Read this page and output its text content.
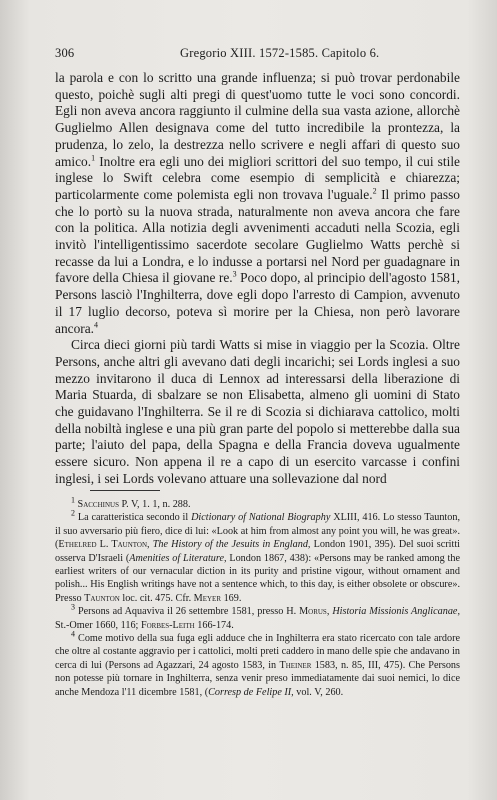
306	Gregorio XIII. 1572-1585. Capitolo 6.

la parola e con lo scritto una grande influenza; si può trovar perdonabile questo, poichè sugli alti pregi di quest'uomo tutte le voci sono concordi. Egli non aveva ancora raggiunto il culmine della sua vasta azione, allorchè Guglielmo Allen designava come del tutto incredibile la prontezza, la prudenza, lo zelo, la destrezza nello scrivere e negli affari di questo suo amico.$^1$ Inoltre era egli uno dei migliori scrittori del suo tempo, il cui stile inglese lo Swift celebra come esempio di semplicità e chiarezza; particolarmente come polemista egli non trovava l'uguale.$^2$ Il primo passo che lo portò su la nuova strada, naturalmente non aveva ancora che fare con la politica. Alla notizia degli avvenimenti accaduti nella Scozia, egli invitò l'intelligentissimo sacerdote secolare Guglielmo Watts perchè si recasse da lui a Londra, e lo indusse a portarsi nel Nord per guadagnare in favore della Chiesa il giovane re.$^3$ Poco dopo, al principio dell'agosto 1581, Persons lasciò l'Inghilterra, dove egli dopo l'arresto di Campion, avvenuto il 17 luglio decorso, poteva sì morire per la Chiesa, non però lavorare ancora.$^4$

Circa dieci giorni più tardi Watts si mise in viaggio per la Scozia. Oltre Persons, anche altri gli avevano dati degli incarichi; sei Lords inglesi a suo mezzo invitarono il duca di Lennox ad interessarsi della liberazione di Maria Stuarda, di sbalzare se non Elisabetta, almeno gli uomini di Stato che guidavano l'Inghilterra. Se il re di Scozia si dichiarava cattolico, molti della nobiltà inglese e una più gran parte del popolo si metterebbe dalla sua parte; l'aiuto del papa, della Spagna e della Francia doveva ugualmente essere sicuro. Non appena il re a capo di un esercito varcasse i confini inglesi, i sei Lords volevano attuare una sollevazione dal nord

$^1$ Sacchinus P. V, 1. 1, n. 288.

$^2$ La caratteristica secondo il Dictionary of National Biography XLIII, 416. Lo stesso Taunton, il suo avversario più fiero, dice di lui: «Look at him from almost any point you will, he was great». (Ethelred L. Taunton, The History of the Jesuits in England, London 1901, 395). Del suoi scritti osserva D'Israeli (Amenities of Literature, London 1867, 438): «Persons may be ranked among the earliest writers of our vernacular diction in its purity and pristine vigour, without ornament and polish... His English writings have not a sentence which, to this day, is either obsolete or obscure». Presso Taunton loc. cit. 475. Cfr. Meyer 169.

$^3$ Persons ad Aquaviva il 26 settembre 1581, presso H. Morus, Historia Missionis Anglicanae, St.-Omer 1660, 116; Forbes-Leith 166-174.

$^4$ Come motivo della sua fuga egli adduce che in Inghilterra era stato ricercato con tale ardore che oltre al costante aggravio per i cattolici, molti preti caddero in mano delle spie che andavano in cerca di lui (Persons ad Agazzari, 24 agosto 1583, in Theiner 1583, n. 85, III, 475). Che Persons non potesse più tornare in Inghilterra, senza venir preso immediatamente dai suoi nemici, lo dice anche Mendoza l'11 dicembre 1581, (Corresp de Felipe II, vol. V, 260.
